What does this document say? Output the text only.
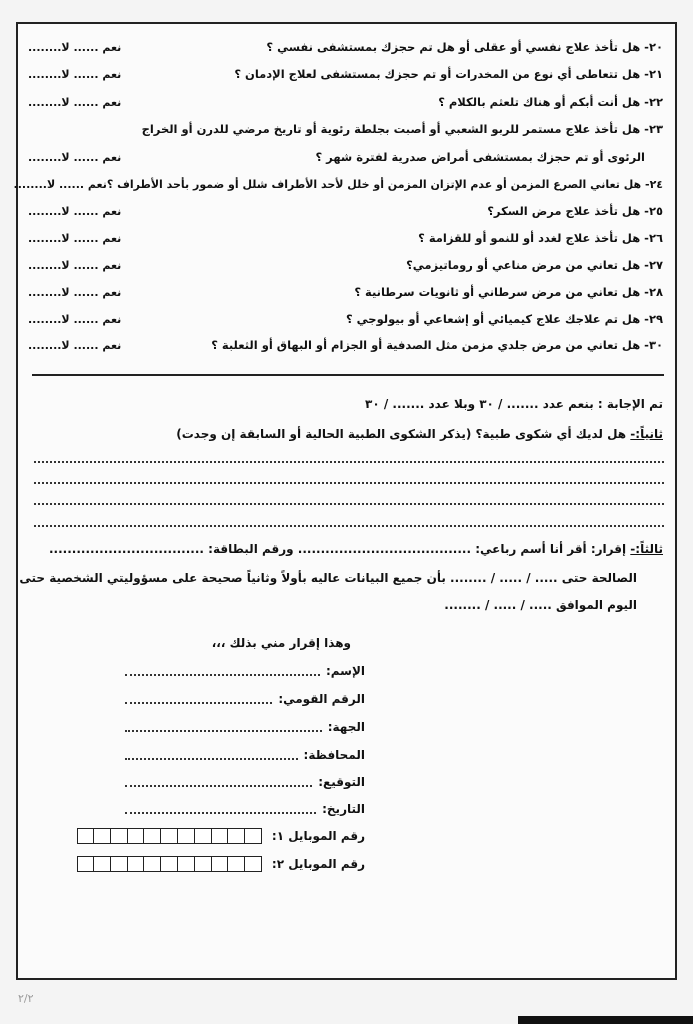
٢٠- هل تأخذ علاج نفسي أو عقلى أو هل تم حجزك بمستشفى نفسي ؟
نعم ...... لا........
٢١- هل تتعاطى أي نوع من المخدرات أو تم حجزك بمستشفى لعلاج الإدمان ؟
نعم ...... لا........
٢٢- هل أنت أبكم أو هناك تلعثم بالكلام ؟
نعم ...... لا........
٢٣- هل تأخذ علاج مستمر للربو الشعبي أو أصبت بجلطة رئوية أو تاريخ مرضي للدرن أو الخراج
الرئوى أو تم حجزك بمستشفى أمراض صدرية لفترة شهر ؟
نعم ...... لا........
٢٤- هل تعاني الصرع المزمن أو عدم الإتزان المزمن أو خلل لأحد الأطراف شلل أو ضمور بأحد الأطراف ؟
نعم ...... لا........
٢٥- هل تأخذ علاج مرض السكر؟
نعم ...... لا........
٢٦- هل تأخذ علاج لغدد أو للنمو أو للقزامة ؟
نعم ...... لا........
٢٧- هل تعاني من مرض مناعي أو روماتيزمي؟
نعم ...... لا........
٢٨- هل تعاني من مرض سرطاني أو ثانويات سرطانية ؟
نعم ...... لا........
٢٩- هل تم علاجك علاج كيميائي أو إشعاعي أو بيولوجي ؟
نعم ...... لا........
٣٠- هل تعاني من مرض جلدي مزمن مثل الصدفية أو الجزام أو البهاق أو الثعلبة ؟
نعم ...... لا........
تم الإجابة : بنعم عدد ....... / ٣٠ وبلا عدد ....... / ٣٠
ثانياً:- هل لديك أي شكوى طبية؟ (يذكر الشكوى الطبية الحالية أو السابقة إن وجدت)
ثالثاً:- إقرار: أقر أنا أسم رباعي: ...................................... ورقم البطاقة: ..................................
الصالحة حتى ..... / ..... / ........ بأن جميع البيانات عاليه بأولاً وثانياً صحيحة على مسؤوليتي الشخصية حتى
اليوم الموافق ..... / ..... / ........
وهذا إقرار مني بذلك ،،،
الإسم:
الرقم القومي:
الجهة:
المحافظة:
التوقيع:
التاريخ:
رقم الموبايل ١:
رقم الموبايل ٢:
٢/٢
